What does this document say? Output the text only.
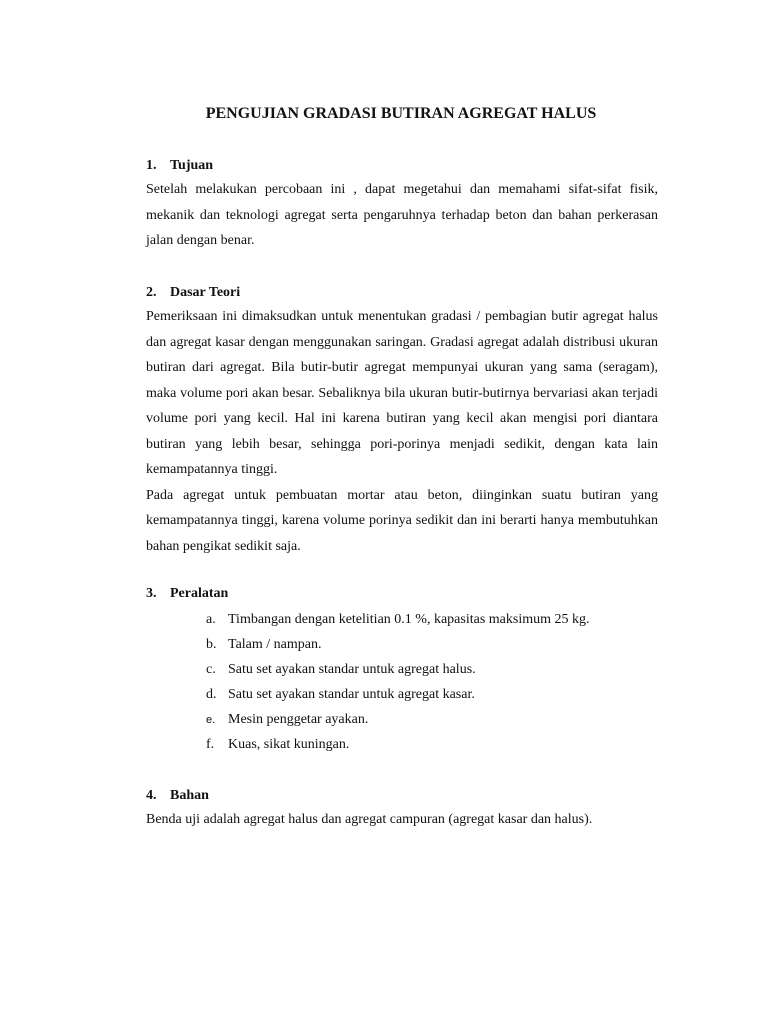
PENGUJIAN GRADASI BUTIRAN AGREGAT HALUS
1. Tujuan

Setelah melakukan percobaan ini , dapat megetahui dan memahami sifat-sifat fisik, mekanik dan teknologi agregat serta pengaruhnya terhadap beton dan bahan perkerasan jalan dengan benar.

2. Dasar Teori

Pemeriksaan ini dimaksudkan untuk menentukan gradasi / pembagian butir agregat halus dan agregat kasar dengan menggunakan saringan. Gradasi agregat adalah distribusi ukuran butiran dari agregat. Bila butir-butir agregat mempunyai ukuran yang sama (seragam), maka volume pori akan besar. Sebaliknya bila ukuran butir-butirnya bervariasi akan terjadi volume pori yang kecil. Hal ini karena butiran yang kecil akan mengisi pori diantara butiran yang lebih besar, sehingga pori-porinya menjadi sedikit, dengan kata lain kemampatannya tinggi.

Pada agregat untuk pembuatan mortar atau beton, diinginkan suatu butiran yang kemampatannya tinggi, karena volume porinya sedikit dan ini berarti hanya membutuhkan bahan pengikat sedikit saja.

3. Peralatan
a. Timbangan dengan ketelitian 0.1 %, kapasitas maksimum 25 kg.
b. Talam / nampan.
c. Satu set ayakan standar untuk agregat halus.
d. Satu set ayakan standar untuk agregat kasar.
e. Mesin penggetar ayakan.
f. Kuas, sikat kuningan.
4. Bahan

Benda uji adalah agregat halus dan agregat campuran (agregat kasar dan halus).
